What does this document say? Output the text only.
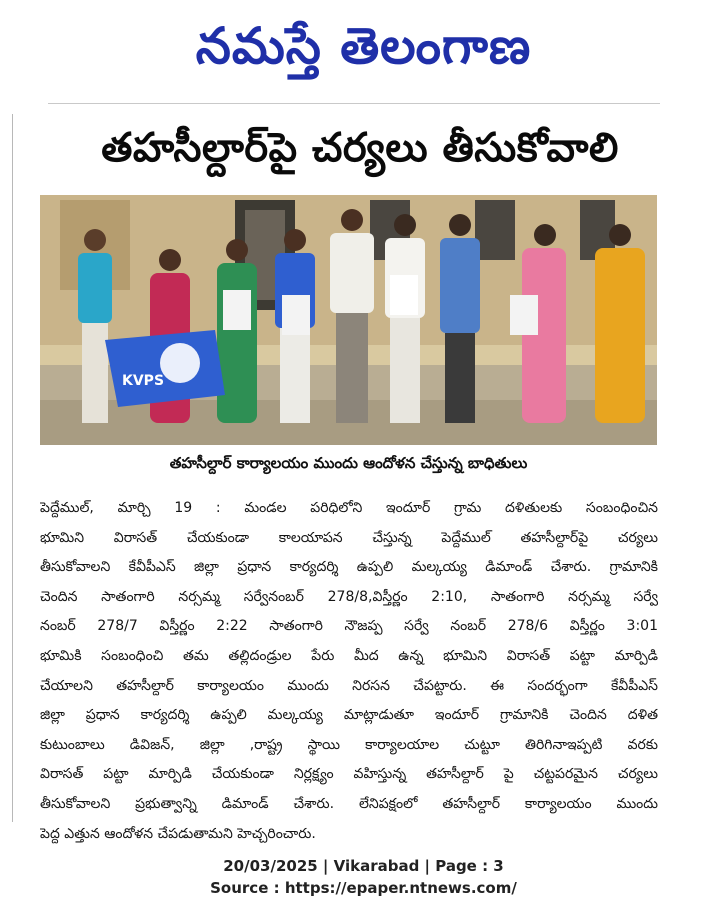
నమస్తే తెలంగాణ
తహసీల్దార్‌పై చర్యలు తీసుకోవాలి
KVPS
తహసీల్దార్ కార్యాలయం ముందు ఆందోళన చేస్తున్న బాధితులు
పెద్దేముల్, మార్చి 19 : మండల పరిధిలోని ఇందూర్ గ్రామ దళితులకు సంబంధించిన
భూమిని విరాసత్ చేయకుండా కాలయాపన చేస్తున్న పెద్దేముల్ తహసీల్దార్‌పై చర్యలు
తీసుకోవాలని కేవీపీఎస్ జిల్లా ప్రధాన కార్యదర్శి ఉప్పలి మల్కయ్య డిమాండ్ చేశారు. గ్రామానికి
చెందిన సాతంగారి నర్సమ్మ సర్వేనంబర్ 278/8,విస్తీర్ణం 2:10, సాతంగారి నర్సమ్మ సర్వే
నంబర్ 278/7 విస్తీర్ణం 2:22 సాతంగారి నౌజప్ప సర్వే నంబర్ 278/6 విస్తీర్ణం 3:01
భూమికి సంబంధించి తమ తల్లిదండ్రుల పేరు మీద ఉన్న భూమిని విరాసత్ పట్టా మార్పిడి
చేయాలని తహసీల్దార్ కార్యాలయం ముందు నిరసన చేపట్టారు. ఈ సందర్భంగా కేవీపీఎస్
జిల్లా ప్రధాన కార్యదర్శి ఉప్పలి మల్కయ్య మాట్లాడుతూ ఇందూర్ గ్రామానికి చెందిన దళిత
కుటుంబాలు డివిజన్, జిల్లా ,రాష్ట్ర స్థాయి కార్యాలయాల చుట్టూ తిరిగినాఇప్పటి వరకు
విరాసత్ పట్టా మార్పిడి చేయకుండా నిర్లక్ష్యం వహిస్తున్న తహసీల్దార్ పై చట్టపరమైన చర్యలు
తీసుకోవాలని ప్రభుత్వాన్ని డిమాండ్ చేశారు. లేనిపక్షంలో తహసీల్దార్ కార్యాలయం ముందు
పెద్ద ఎత్తున ఆందోళన చేపడుతామని హెచ్చరించారు.
20/03/2025 | Vikarabad | Page : 3
Source : https://epaper.ntnews.com/
